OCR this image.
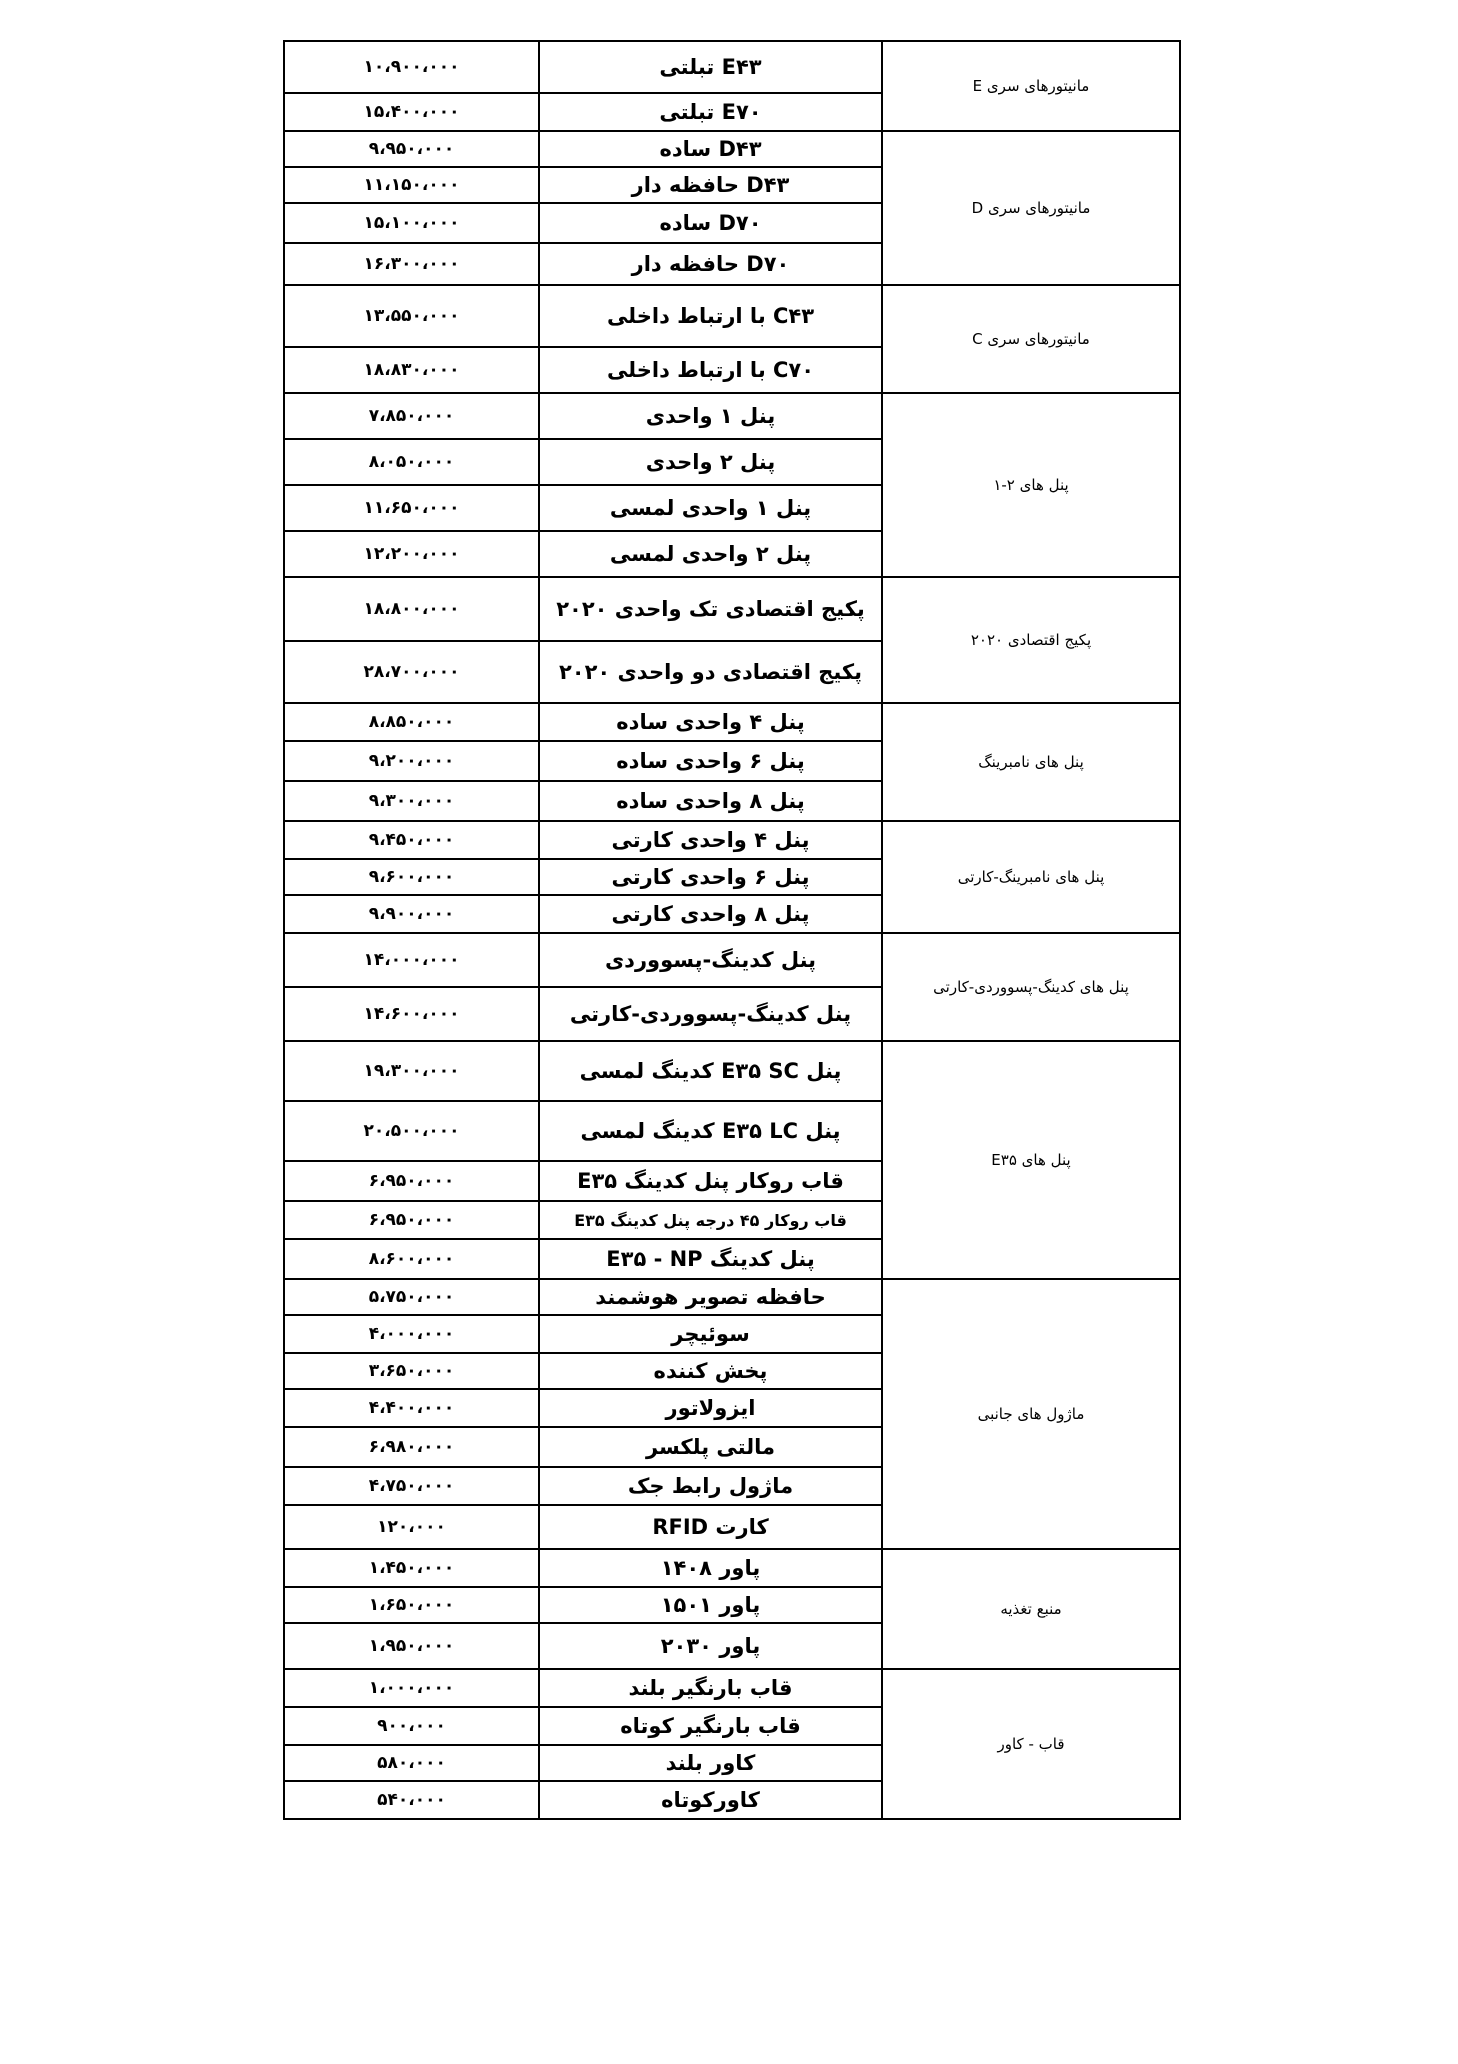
۱۰،۹۰۰،۰۰۰	E۴۳ تبلتی	مانیتورهای سری E
۱۵،۴۰۰،۰۰۰	E۷۰ تبلتی	
۹،۹۵۰،۰۰۰	D۴۳ ساده	مانیتورهای سری D
۱۱،۱۵۰،۰۰۰	D۴۳ حافظه دار	
۱۵،۱۰۰،۰۰۰	D۷۰ ساده	
۱۶،۳۰۰،۰۰۰	D۷۰ حافظه دار	
۱۳،۵۵۰،۰۰۰	C۴۳ با ارتباط داخلی	مانیتورهای سری C
۱۸،۸۳۰،۰۰۰	C۷۰ با ارتباط داخلی	
۷،۸۵۰،۰۰۰	پنل ۱ واحدی	پنل های ۲-۱
۸،۰۵۰،۰۰۰	پنل ۲ واحدی	
۱۱،۶۵۰،۰۰۰	پنل ۱ واحدی لمسی	
۱۲،۲۰۰،۰۰۰	پنل ۲ واحدی لمسی	
۱۸،۸۰۰،۰۰۰	پکیج اقتصادی تک واحدی ۲۰۲۰	پکیج اقتصادی ۲۰۲۰
۲۸،۷۰۰،۰۰۰	پکیج اقتصادی دو واحدی ۲۰۲۰	
۸،۸۵۰،۰۰۰	پنل ۴ واحدی ساده	پنل های نامبرینگ
۹،۲۰۰،۰۰۰	پنل ۶ واحدی ساده	
۹،۳۰۰،۰۰۰	پنل ۸ واحدی ساده	
۹،۴۵۰،۰۰۰	پنل ۴ واحدی کارتی	پنل های نامبرینگ-کارتی
۹،۶۰۰،۰۰۰	پنل ۶ واحدی کارتی	
۹،۹۰۰،۰۰۰	پنل ۸ واحدی کارتی	
۱۴،۰۰۰،۰۰۰	پنل کدینگ-پسووردی	پنل های کدینگ-پسووردی-کارتی
۱۴،۶۰۰،۰۰۰	پنل کدینگ-پسووردی-کارتی	
۱۹،۳۰۰،۰۰۰	پنل E۳۵ SC کدینگ لمسی	پنل های E۳۵
۲۰،۵۰۰،۰۰۰	پنل E۳۵ LC کدینگ لمسی	
۶،۹۵۰،۰۰۰	قاب روکار پنل کدینگ E۳۵	
۶،۹۵۰،۰۰۰	قاب روکار ۴۵ درجه پنل کدینگ E۳۵	
۸،۶۰۰،۰۰۰	پنل کدینگ E۳۵ - NP	
۵،۷۵۰،۰۰۰	حافظه تصویر هوشمند	ماژول های جانبی
۴،۰۰۰،۰۰۰	سوئیچر	
۳،۶۵۰،۰۰۰	پخش کننده	
۴،۴۰۰،۰۰۰	ایزولاتور	
۶،۹۸۰،۰۰۰	مالتی پلکسر	
۴،۷۵۰،۰۰۰	ماژول رابط جک	
۱۲۰،۰۰۰	کارت RFID	
۱،۴۵۰،۰۰۰	پاور ۱۴۰۸	منبع تغذیه
۱،۶۵۰،۰۰۰	پاور ۱۵۰۱	
۱،۹۵۰،۰۰۰	پاور ۲۰۳۰	
۱،۰۰۰،۰۰۰	قاب بارنگیر بلند	قاب - کاور
۹۰۰،۰۰۰	قاب بارنگیر کوتاه	
۵۸۰،۰۰۰	کاور بلند	
۵۴۰،۰۰۰	کاورکوتاه	
